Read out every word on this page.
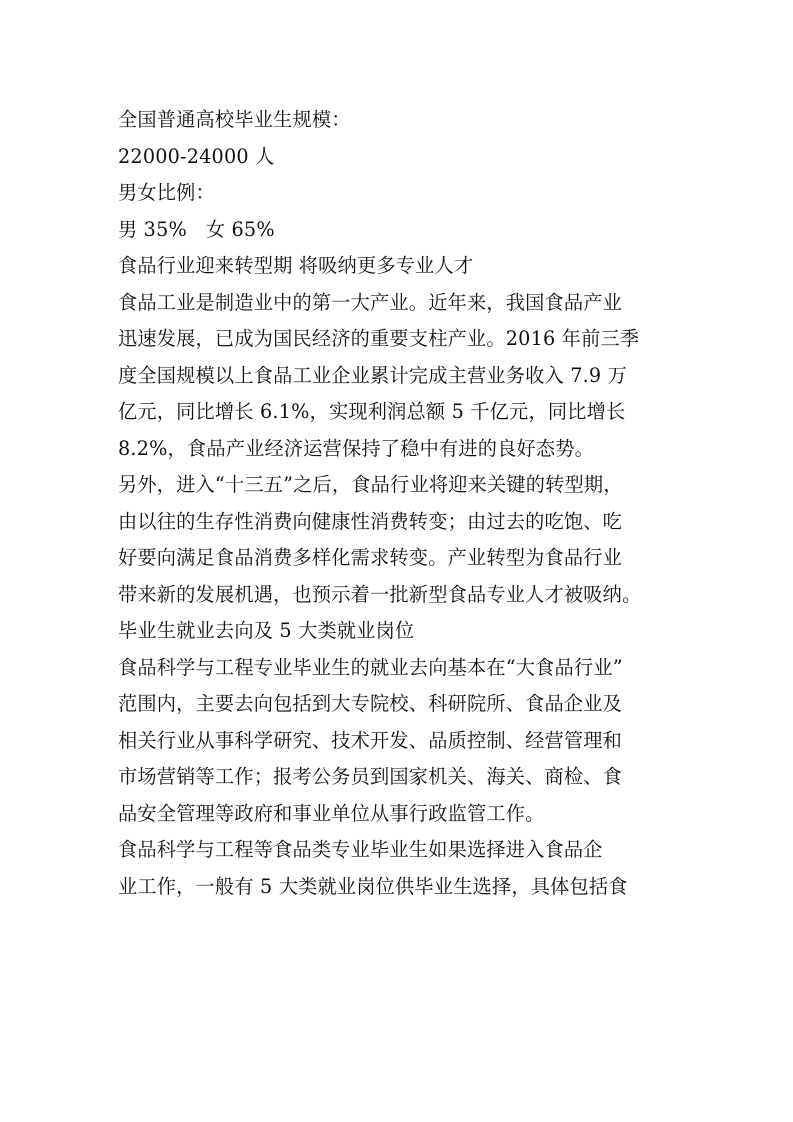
全国普通高校毕业生规模：

22000-24000 人

男女比例：

男 35%   女 65%

食品行业迎来转型期 将吸纳更多专业人才

食品工业是制造业中的第一大产业。近年来，我国食品产业
迅速发展，已成为国民经济的重要支柱产业。2016 年前三季
度全国规模以上食品工业企业累计完成主营业务收入 7.9 万
亿元，同比增长 6.1%，实现利润总额 5 千亿元，同比增长
8.2%，食品产业经济运营保持了稳中有进的良好态势。

另外，进入“十三五”之后，食品行业将迎来关键的转型期，
由以往的生存性消费向健康性消费转变；由过去的吃饱、吃
好要向满足食品消费多样化需求转变。产业转型为食品行业
带来新的发展机遇，也预示着一批新型食品专业人才被吸纳。

毕业生就业去向及 5 大类就业岗位

食品科学与工程专业毕业生的就业去向基本在“大食品行业”
范围内，主要去向包括到大专院校、科研院所、食品企业及
相关行业从事科学研究、技术开发、品质控制、经营管理和
市场营销等工作；报考公务员到国家机关、海关、商检、食
品安全管理等政府和事业单位从事行政监管工作。

食品科学与工程等食品类专业毕业生如果选择进入食品企
业工作，一般有 5 大类就业岗位供毕业生选择，具体包括食
